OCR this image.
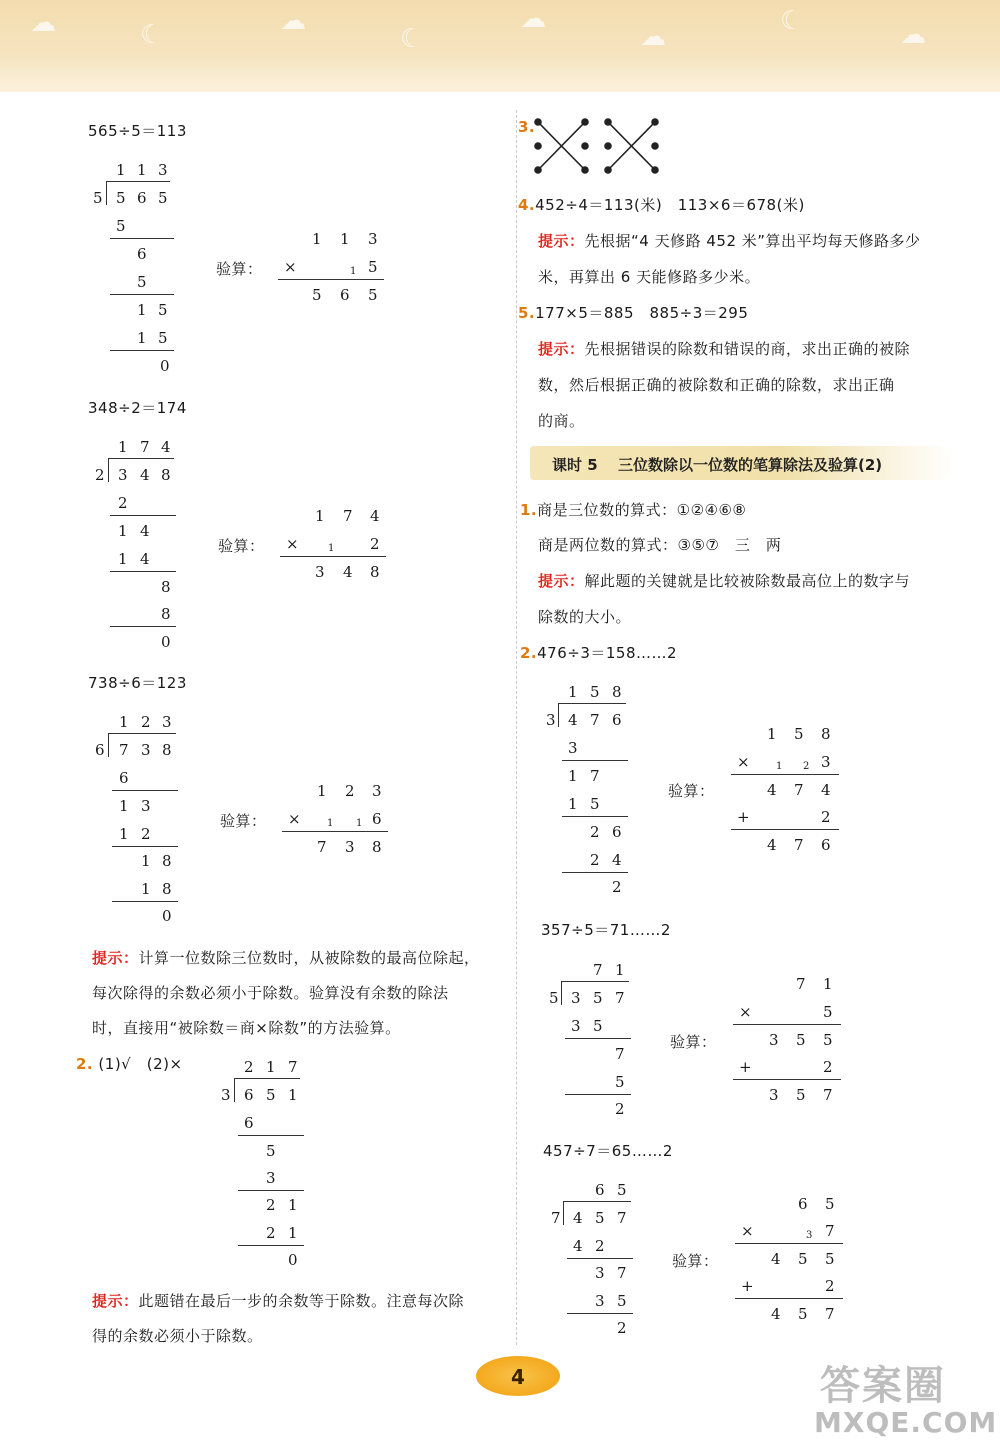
☁	☾	☁
☾
☁
☁
☾	☁
565÷5＝113
1 1 3
5 5 6 5
5
6
5
1 5
1 5
0
验算：
1 1 3
×	1 5
5 6 5
348÷2＝174
1 7 4
2 3 4 8
2
1 4
1 4
8
8
0
验算：
1 7 4
×	1 2
3 4 8
738÷6＝123
1 2 3
6 7 3 8
6
1 3
1 2
1 8
1 8
0
验算：
1 2 3
×	1 1 6
7 3 8
提示：计算一位数除三位数时，从被除数的最高位除起，
每次除得的余数必须小于除数。验算没有余数的除法
时，直接用“被除数＝商×除数”的方法验算。
2. (1)√　(2)×	2 1 7
3 6 5 1
6
5
3
2 1
2 1
0
提示：此题错在最后一步的余数等于除数。注意每次除
得的余数必须小于除数。
3.
4.452÷4＝113(米)　113×6＝678(米)
提示：先根据“4 天修路 452 米”算出平均每天修路多少
米，再算出 6 天能修路多少米。
5.177×5＝885　885÷3＝295
提示：先根据错误的除数和错误的商，求出正确的被除
数，然后根据正确的被除数和正确的除数，求出正确
的商。
课时 5 三位数除以一位数的笔算除法及验算(2)
1.商是三位数的算式：①②④⑥⑧
商是两位数的算式：③⑤⑦　三　两
提示：解此题的关键就是比较被除数最高位上的数字与
除数的大小。
2.476÷3＝158……2
1 5 8
3 4 7 6
3
1 7
1 5
2 6
2 4
2
验算：
1 5 8
×	1 2 3
4 7 4
+	2
4 7 6
357÷5＝71……2
7 1
5 3 5 7
3 5
7
5
2
验算：
7 1
×	5
3 5 5
+	2
3 5 7
457÷7＝65……2
6 5
7 4 5 7
4 2
3 7
3 5
2
验算：
6 5
×	3 7
4 5 5
+	2
4 5 7
4	答案圈
MXQE.COM
